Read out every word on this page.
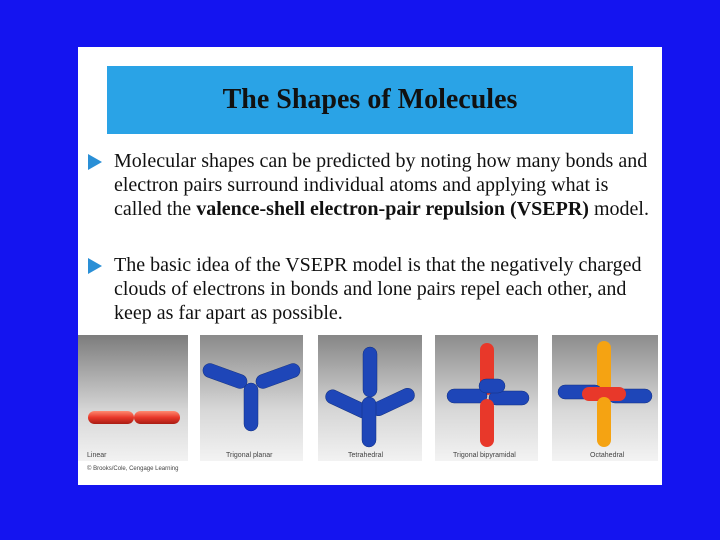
The Shapes of Molecules
Molecular shapes can be predicted by noting how many bonds and electron pairs surround individual atoms and applying what is called the valence-shell electron-pair repulsion (VSEPR) model.
The basic idea of the VSEPR model is that the negatively charged clouds of electrons in bonds and lone pairs repel each other, and keep as far apart as possible.
Linear	Trigonal planar	Tetrahedral	Trigonal bipyramidal	Octahedral
© Brooks/Cole, Cengage Learning
